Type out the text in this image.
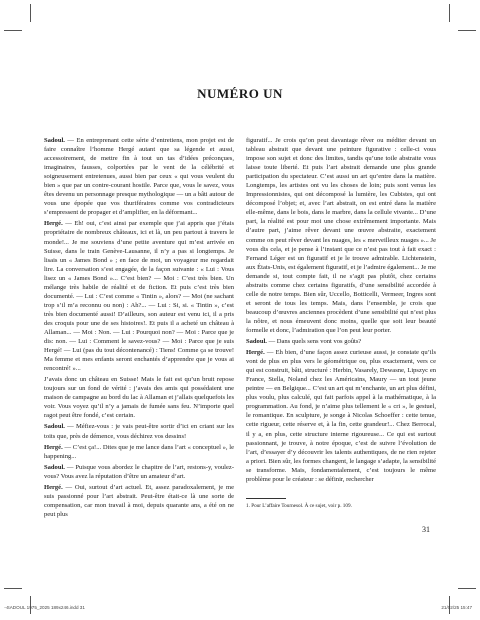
NUMÉRO UN

Sadoul. — En entreprenant cette série d’entretiens, mon projet est de faire connaître l’homme Hergé autant que sa légende et aussi, accessoirement, de mettre fin à tout un tas d’idées préconçues, imaginaires, fausses, colportées par le vent de la célébrité et soigneusement entretenues, aussi bien par ceux « qui vous veulent du bien » que par un contre-courant hostile. Parce que, vous le savez, vous êtes devenu un personnage presque mythologique — un a bâti autour de vous une épopée que vos thuriféraires comme vos contradicteurs s’empressent de propager et d’amplifier, en la déformant...

Hergé. — Eh! oui, c’est ainsi par exemple que j’ai appris que j’étais propriétaire de nombreux châteaux, ici et là, un peu partout à travers le monde!... Je me souviens d’une petite aventure qui m’est arrivée en Suisse, dans le train Genève-Lausanne, il n’y a pas si longtemps. Je lisais un « James Bond » ; en face de moi, un voyageur me regardait lire. La conversation s’est engagée, de la façon suivante : « Lui : Vous lisez un « James Bond »... C’est bien? — Moi : C’est très bien. Un mélange très habile de réalité et de fiction. Et puis c’est très bien documenté. — Lui : C’est comme « Tintin », alors? — Moi (ne sachant trop s’il m’a reconnu ou non) : Ah?... — Lui : Si, si. « Tintin », c’est très bien documenté aussi! D’ailleurs, son auteur est venu ici, il a pris des croquis pour une de ses histoires!. Et puis il a acheté un château à Allaman... — Moi : Non. — Lui : Pourquoi non? — Moi : Parce que je dis: non. — Lui : Comment le savez-vous? — Moi : Parce que je suis Hergé! — Lui (pas du tout décontenancé) : Tiens! Comme ça se trouve! Ma femme et mes enfants seront enchantés d’apprendre que je vous ai rencontré! »...

J’avais donc un château en Suisse! Mais le fait est qu’un bruit repose toujours sur un fond de vérité : j’avais des amis qui possédaient une maison de campagne au bord du lac à Allaman et j’allais quelquefois les voir. Vous voyez qu’il n’y a jamais de fumée sans feu. N’importe quel ragot peut être fondé, c’est certain.

Sadoul. — Méfiez-vous : je vais peut-être sortir d’ici en criant sur les toits que, près de démence, vous déchirez vos dessins!

Hergé. — C’est ça!... Dites que je me lance dans l’art « conceptuel », le happening...

Sadoul. — Puisque vous abordez le chapitre de l’art, restons-y, voulez-vous? Vous avez la réputation d’être un amateur d’art.

Hergé. — Oui, surtout d’art actuel. Et, assez paradoxalement, je me suis passionné pour l’art abstrait. Peut-être était-ce là une sorte de compensation, car mon travail à moi, depuis quarante ans, a été on ne peut plus

figuratif... Je crois qu’on peut davantage rêver ou méditer devant un tableau abstrait que devant une peinture figurative : celle-ci vous impose son sujet et donc des limites, tandis qu’une toile abstraite vous laisse toute liberté. Et puis l’art abstrait demande une plus grande participation du spectateur. C’est aussi un art qu’entre dans la matière. Longtemps, les artistes ont vu les choses de loin; puis sont venus les Impressionnistes, qui ont décomposé la lumière, les Cubistes, qui ont décomposé l’objet; et, avec l’art abstrait, on est entré dans la matière elle-même, dans le bois, dans le marbre, dans la cellule vivante... D’une part, la réalité est pour moi une chose extrêmement importante. Mais d’autre part, j’aime rêver devant une œuvre abstraite, exactement comme on peut rêver devant les nuages, les « merveilleux nuages »... Je vous dis cela, et je pense à l’instant que ce n’est pas tout à fait exact : Fernand Léger est un figuratif et je le trouve admirable. Lichtenstein, aux États-Unis, est également figuratif, et je l’admire également... Je me demande si, tout compte fait, il ne s’agit pas plutôt, chez certains abstraits comme chez certains figuratifs, d’une sensibilité accordée à celle de notre temps. Bien sûr, Uccello, Botticelli, Vermeer, Ingres sont et seront de tous les temps. Mais, dans l’ensemble, je crois que beaucoup d’œuvres anciennes procèdent d’une sensibilité qui n’est plus la nôtre, et nous émeuvent donc moins, quelle que soit leur beauté formelle et donc, l’admiration que l’on peut leur porter.

Sadoul. — Dans quels sens vont vos goûts?

Hergé. — Eh bien, d’une façon assez curieuse aussi, je constate qu’ils vont de plus en plus vers le géométrique ou, plus exactement, vers ce qui est construit, bâti, structuré : Herbin, Vasarely, Dewasne, Lipszyc en France, Stella, Noland chez les Américains, Maury — un tout jeune peintre — en Belgique... C’est un art qui m’enchante, un art plus défini, plus voulu, plus calculé, qui fait parfois appel à la mathématique, à la programmation. Au fond, je n’aime plus tellement le « cri », le gestuel, le romantique. En sculpture, je songe à Nicolas Schoeffer : cette tenue, cette rigueur, cette réserve et, à la fin, cette grandeur!... Chez Berrocal, il y a, en plus, cette structure interne rigoureuse... Ce qui est surtout passionnant, je trouve, à notre époque, c’est de suivre l’évolution de l’art, d’essayer d’y découvrir les talents authentiques, de ne rien rejeter a priori. Bien sûr, les formes changent, le langage s’adapte, la sensibilité se transforme. Mais, fondamentalement, c’est toujours le même problème pour le créateur : se définir, rechercher

1. Pour L’affaire Tournesol. À ce sujet, voir p. 109.
31
¬SADOUL 1975_2025 189x246.indd 31	21/02/25 15:47
